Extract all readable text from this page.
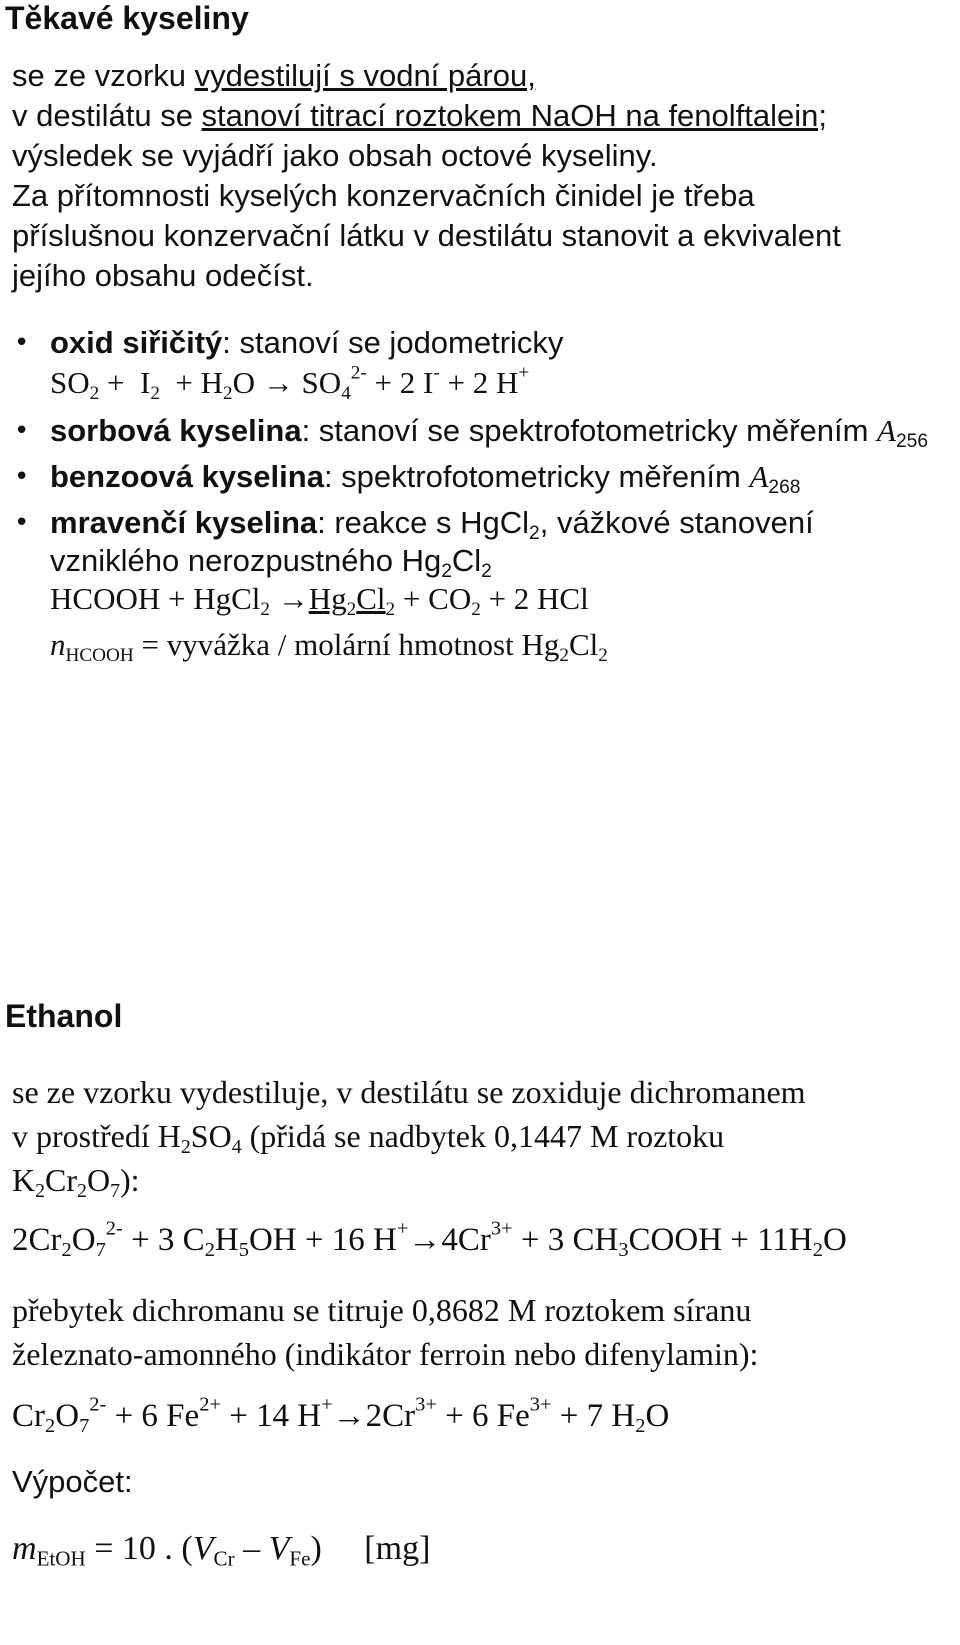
Těkavé kyseliny
se ze vzorku vydestilují s vodní párou,
v destilátu se stanoví titrací roztokem NaOH na fenolftalein;
výsledek se vyjádří jako obsah octové kyseliny.
Za přítomnosti kyselých konzervačních činidel je třeba
příslušnou konzervační látku v destilátu stanovit a ekvivalent
jejího obsahu odečíst.
• oxid siřičitý: stanoví se jodometricky
$SO_2 + I_2 + H_2O \to SO_4^{2-} + 2$ I- + 2 H+
• sorbová kyselina: stanoví se spektrofotometricky měřením $A_{256}$
• benzoová kyselina: spektrofotometricky měřením $A_{268}$
• mravenčí kyselina: reakce s HgCl$_2$, vážkové stanovení
vzniklého nerozpustného $Hg_2Cl_2$
HCOOH + HgCl$_2$ $\to Hg_2Cl_2 + CO_2 + 2$ HCl
$n_{HCOOH}$ = vyvážka / molární hmotnost $Hg_2Cl_2$
Ethanol
se ze vzorku vydestiluje, v destilátu se zoxiduje dichromanem
v prostředí $H_2SO_4$ (přidá se nadbytek 0,1447 M roztoku
$K_2Cr_2O_7$):
$2Cr_2O_7^{2-} + 3$ $C_2H_5OH + 16$ $H^+\to 4Cr^{3+} + 3$ $CH_3COOH + 11H_2O$
přebytek dichromanu se titruje 0,8682 M roztokem síranu
železnato-amonného (indikátor ferroin nebo difenylamin):
$Cr_2O_7^{2-} + 6$ $Fe^{2+} + 14$ $H^+\to 2Cr^{3+} + 6$ $Fe^{3+} + 7$ $H_2O$
Výpočet:
$m_{EtOH} = 10$ . $(V_{Cr} - V_{Fe})$     [mg]
